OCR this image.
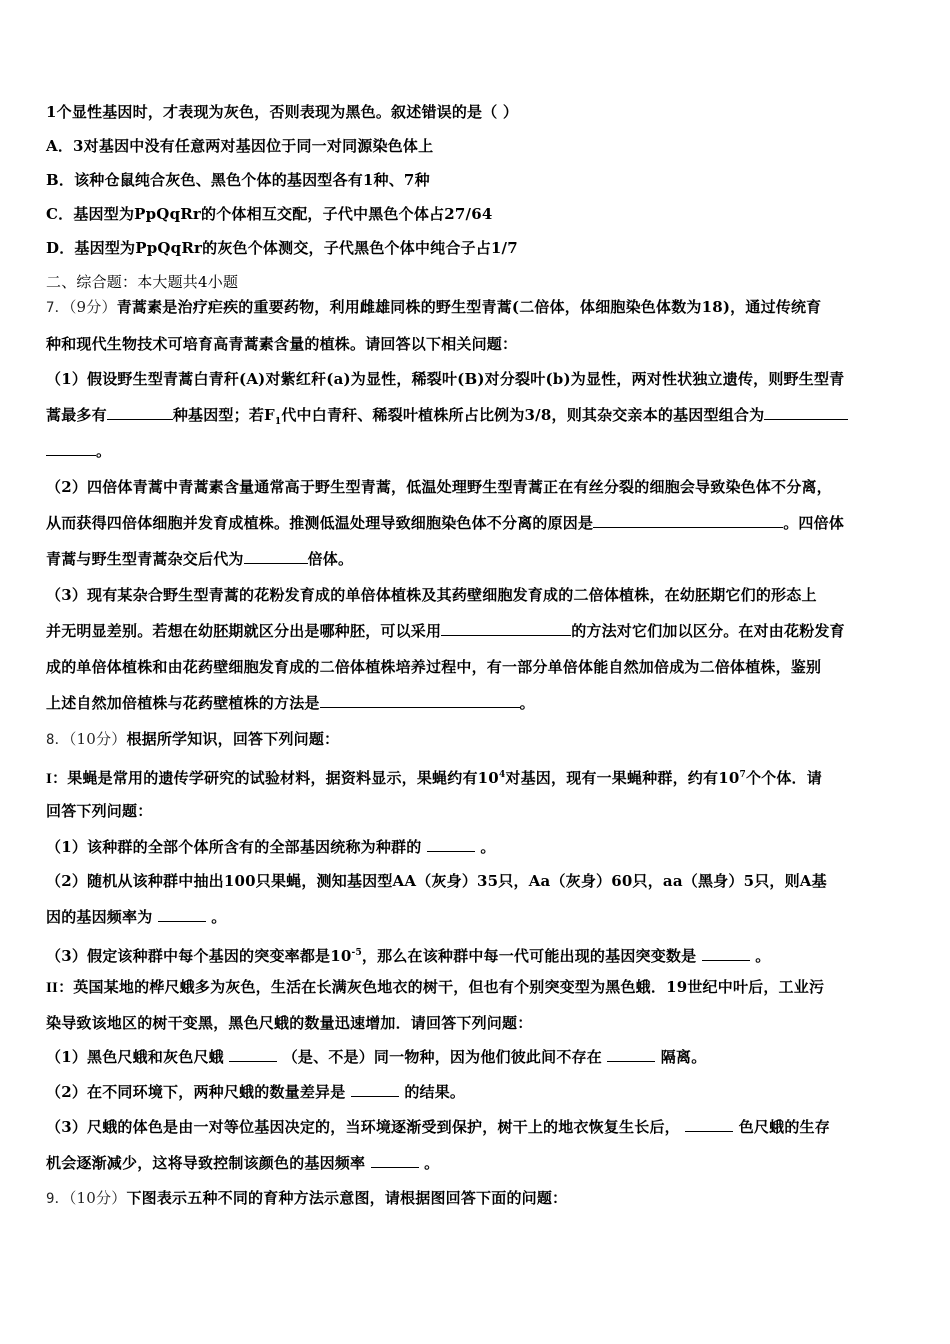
1个显性基因时，才表现为灰色，否则表现为黑色。叙述错误的是（ ）
A．3对基因中没有任意两对基因位于同一对同源染色体上
B．该种仓鼠纯合灰色、黑色个体的基因型各有1种、7种
C．基因型为PpQqRr的个体相互交配，子代中黑色个体占27/64
D．基因型为PpQqRr的灰色个体测交，子代黑色个体中纯合子占1/7
二、综合题：本大题共4小题
7．（9分）青蒿素是治疗疟疾的重要药物，利用雌雄同株的野生型青蒿(二倍体，体细胞染色体数为18)，通过传统育
种和现代生物技术可培育高青蒿素含量的植株。请回答以下相关问题：
（1）假设野生型青蒿白青秆(A)对紫红秆(a)为显性，稀裂叶(B)对分裂叶(b)为显性，两对性状独立遗传，则野生型青
蒿最多有	种基因型；若$F_1$代中白青秆、稀裂叶植株所占比例为3/8，则其杂交亲本的基因型组合为
。
（2）四倍体青蒿中青蒿素含量通常高于野生型青蒿，低温处理野生型青蒿正在有丝分裂的细胞会导致染色体不分离，
从而获得四倍体细胞并发育成植株。推测低温处理导致细胞染色体不分离的原因是	。四倍体
青蒿与野生型青蒿杂交后代为	倍体。
（3）现有某杂合野生型青蒿的花粉发育成的单倍体植株及其药壁细胞发育成的二倍体植株，在幼胚期它们的形态上
并无明显差别。若想在幼胚期就区分出是哪种胚，可以采用	的方法对它们加以区分。在对由花粉发育
成的单倍体植株和由花药壁细胞发育成的二倍体植株培养过程中，有一部分单倍体能自然加倍成为二倍体植株，鉴别
上述自然加倍植株与花药壁植株的方法是	。
8．（10分）根据所学知识，回答下列问题：
I：果蝇是常用的遗传学研究的试验材料，据资料显示，果蝇约有$10^4$对基因，现有一果蝇种群，约有$10^7$个个体．请
回答下列问题：
（1）该种群的全部个体所含有的全部基因统称为种群的	。
（2）随机从该种群中抽出100只果蝇，测知基因型AA（灰身）35只，Aa（灰身）60只，aa（黑身）5只，则A基
因的基因频率为	。
（3）假定该种群中每个基因的突变率都是$10^{-5}$，那么在该种群中每一代可能出现的基因突变数是	。
II：英国某地的桦尺蛾多为灰色，生活在长满灰色地衣的树干，但也有个别突变型为黑色蛾．19世纪中叶后，工业污
染导致该地区的树干变黑，黑色尺蛾的数量迅速增加．请回答下列问题：
（1）黑色尺蛾和灰色尺蛾	（是、不是）同一物种，因为他们彼此间不存在	隔离。
（2）在不同环境下，两种尺蛾的数量差异是	的结果。
（3）尺蛾的体色是由一对等位基因决定的，当环境逐渐受到保护，树干上的地衣恢复生长后，	色尺蛾的生存
机会逐渐减少，这将导致控制该颜色的基因频率	。
9．（10分）下图表示五种不同的育种方法示意图，请根据图回答下面的问题：
